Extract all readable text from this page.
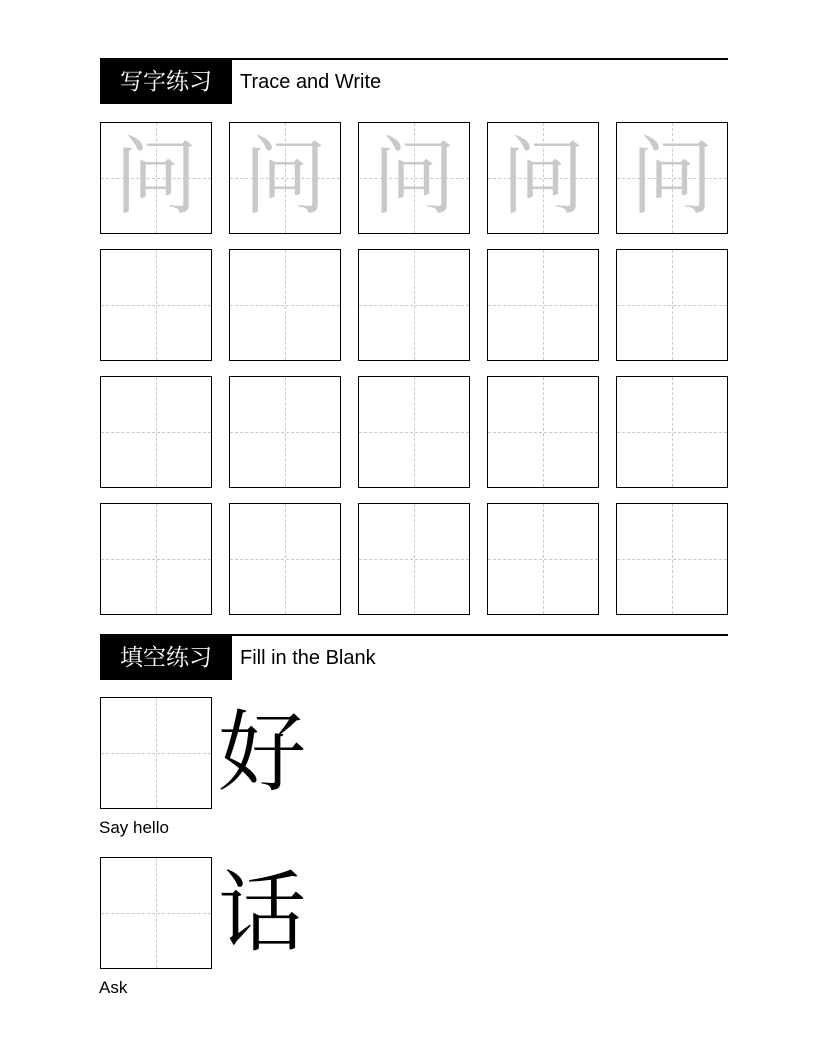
写字练习	Trace and Write
问 问 问 问 问
填空练习	Fill in the Blank
好
Say hello
话
Ask
